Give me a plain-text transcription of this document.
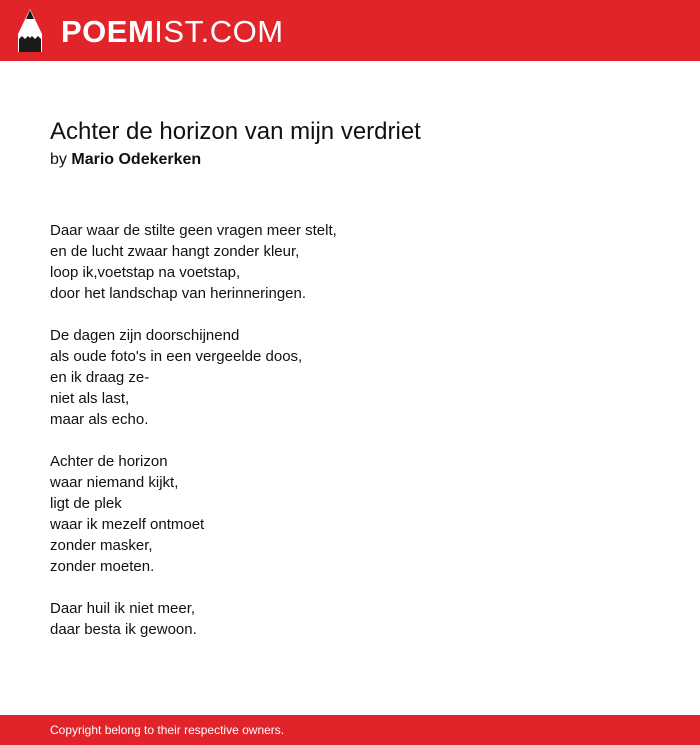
POEMIST.COM
Achter de horizon van mijn verdriet
by Mario Odekerken

Daar waar de stilte geen vragen meer stelt,
en de lucht zwaar hangt zonder kleur,
loop ik,voetstap na voetstap,
door het landschap van herinneringen.

De dagen zijn doorschijnend
als oude foto's in een vergeelde doos,
en ik draag ze-
niet als last,
maar als echo.

Achter de horizon
waar niemand kijkt,
ligt de plek
waar ik mezelf ontmoet
zonder masker,
zonder moeten.

Daar huil ik niet meer,
daar besta ik gewoon.

Copyright belong to their respective owners.
